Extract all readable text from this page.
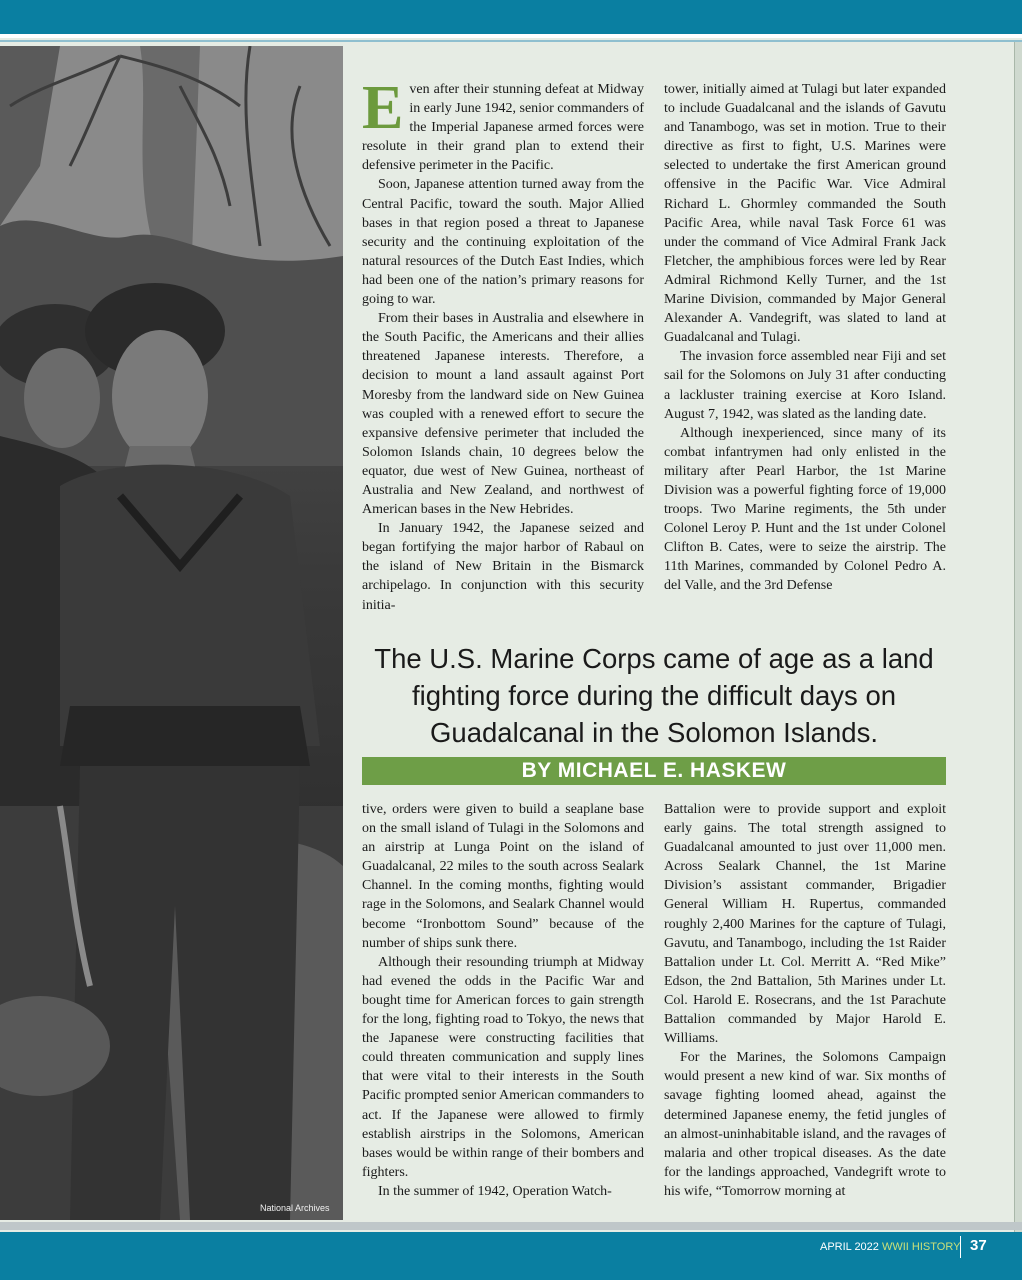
National Archives
E ven after their stunning defeat at Midway in early June 1942, senior commanders of the Imperial Japanese armed forces were resolute in their grand plan to extend their defensive perimeter in the Pacific.

Soon, Japanese attention turned away from the Central Pacific, toward the south. Major Allied bases in that region posed a threat to Japanese security and the continuing exploitation of the natural resources of the Dutch East Indies, which had been one of the nation’s primary reasons for going to war.

From their bases in Australia and elsewhere in the South Pacific, the Americans and their allies threatened Japanese interests. Therefore, a decision to mount a land assault against Port Moresby from the landward side on New Guinea was coupled with a renewed effort to secure the expansive defensive perimeter that included the Solomon Islands chain, 10 degrees below the equator, due west of New Guinea, northeast of Australia and New Zealand, and northwest of American bases in the New Hebrides.

In January 1942, the Japanese seized and began fortifying the major harbor of Rabaul on the island of New Britain in the Bismarck archipelago. In conjunction with this security initia-

tower, initially aimed at Tulagi but later expanded to include Guadalcanal and the islands of Gavutu and Tanambogo, was set in motion. True to their directive as first to fight, U.S. Marines were selected to undertake the first American ground offensive in the Pacific War. Vice Admiral Richard L. Ghormley commanded the South Pacific Area, while naval Task Force 61 was under the command of Vice Admiral Frank Jack Fletcher, the amphibious forces were led by Rear Admiral Richmond Kelly Turner, and the 1st Marine Division, commanded by Major General Alexander A. Vandegrift, was slated to land at Guadalcanal and Tulagi.

The invasion force assembled near Fiji and set sail for the Solomons on July 31 after conducting a lackluster training exercise at Koro Island. August 7, 1942, was slated as the landing date.

Although inexperienced, since many of its combat infantrymen had only enlisted in the military after Pearl Harbor, the 1st Marine Division was a powerful fighting force of 19,000 troops. Two Marine regiments, the 5th under Colonel Leroy P. Hunt and the 1st under Colonel Clifton B. Cates, were to seize the airstrip. The 11th Marines, commanded by Colonel Pedro A. del Valle, and the 3rd Defense

The U.S. Marine Corps came of age as a land fighting force during the difficult days on Guadalcanal in the Solomon Islands.
BY MICHAEL E. HASKEW

tive, orders were given to build a seaplane base on the small island of Tulagi in the Solomons and an airstrip at Lunga Point on the island of Guadalcanal, 22 miles to the south across Sealark Channel. In the coming months, fighting would rage in the Solomons, and Sealark Channel would become “Ironbottom Sound” because of the number of ships sunk there.

Although their resounding triumph at Midway had evened the odds in the Pacific War and bought time for American forces to gain strength for the long, fighting road to Tokyo, the news that the Japanese were constructing facilities that could threaten communication and supply lines that were vital to their interests in the South Pacific prompted senior American commanders to act. If the Japanese were allowed to firmly establish airstrips in the Solomons, American bases would be within range of their bombers and fighters.

In the summer of 1942, Operation Watch-

Battalion were to provide support and exploit early gains. The total strength assigned to Guadalcanal amounted to just over 11,000 men. Across Sealark Channel, the 1st Marine Division’s assistant commander, Brigadier General William H. Rupertus, commanded roughly 2,400 Marines for the capture of Tulagi, Gavutu, and Tanambogo, including the 1st Raider Battalion under Lt. Col. Merritt A. “Red Mike” Edson, the 2nd Battalion, 5th Marines under Lt. Col. Harold E. Rosecrans, and the 1st Parachute Battalion commanded by Major Harold E. Williams.

For the Marines, the Solomons Campaign would present a new kind of war. Six months of savage fighting loomed ahead, against the determined Japanese enemy, the fetid jungles of an almost-uninhabitable island, and the ravages of malaria and other tropical diseases. As the date for the landings approached, Vandegrift wrote to his wife, “Tomorrow morning at

APRIL 2022 WWII HISTORY 37
